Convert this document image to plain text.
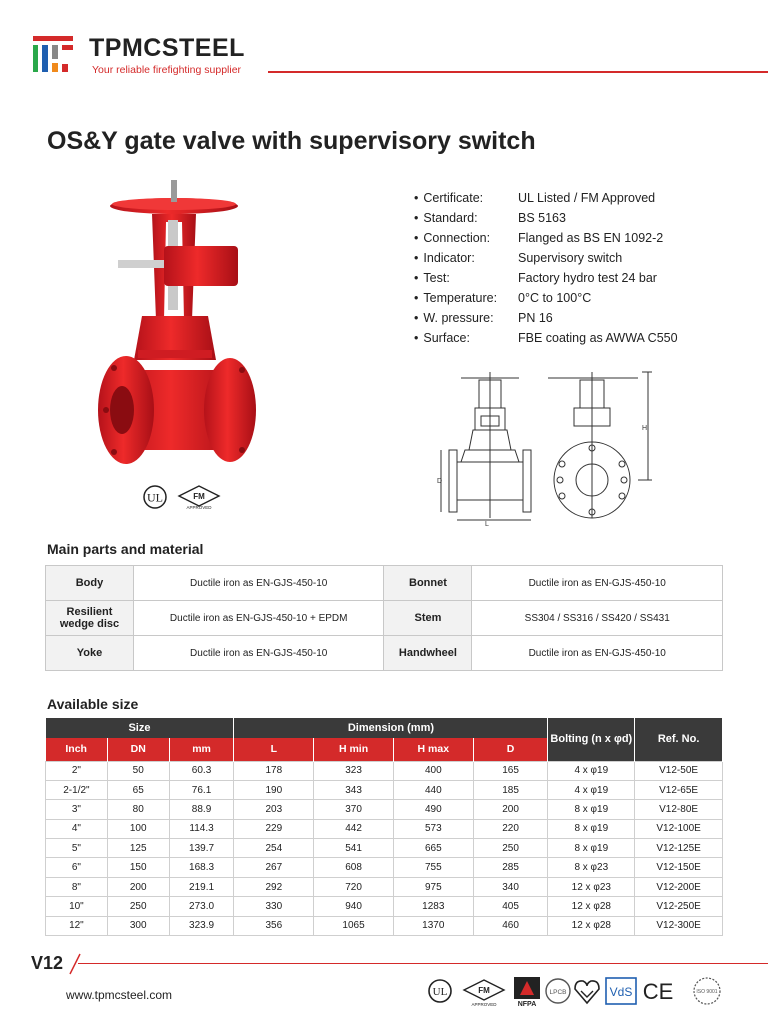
TPMCSTEEL
Your reliable firefighting supplier
OS&Y gate valve with supervisory switch
UL	FM
APPROVED
• Certificate:	UL Listed / FM Approved
• Standard:	BS 5163
• Connection:	Flanged as BS EN 1092-2
• Indicator:	Supervisory switch
• Test:	Factory hydro test 24 bar
• Temperature:	0°C to 100°C
• W. pressure:	PN 16
• Surface:	FBE coating as AWWA C550
L
D
H
Main parts and material
Body	Ductile iron as EN-GJS-450-10	Bonnet	Ductile iron as EN-GJS-450-10
Resilient wedge disc	Ductile iron as EN-GJS-450-10 + EPDM	Stem	SS304 / SS316 / SS420 / SS431
Yoke	Ductile iron as EN-GJS-450-10	Handwheel	Ductile iron as EN-GJS-450-10
Available size
Size			Dimension (mm)				Bolting (n x φd)	Ref. No.
Inch	DN	mm	L	H min	H max	D		
2"	50	60.3	178	323	400	165	4 x φ19	V12-50E
2-1/2"	65	76.1	190	343	440	185	4 x φ19	V12-65E
3"	80	88.9	203	370	490	200	8 x φ19	V12-80E
4"	100	114.3	229	442	573	220	8 x φ19	V12-100E
5"	125	139.7	254	541	665	250	8 x φ19	V12-125E
6"	150	168.3	267	608	755	285	8 x φ23	V12-150E
8"	200	219.1	292	720	975	340	12 x φ23	V12-200E
10"	250	273.0	330	940	1283	405	12 x φ28	V12-250E
12"	300	323.9	356	1065	1370	460	12 x φ28	V12-300E
V12
www.tpmcsteel.com	UL	FM
APPROVED	NFPA
LPCB	VdS CE	ISO 9001
